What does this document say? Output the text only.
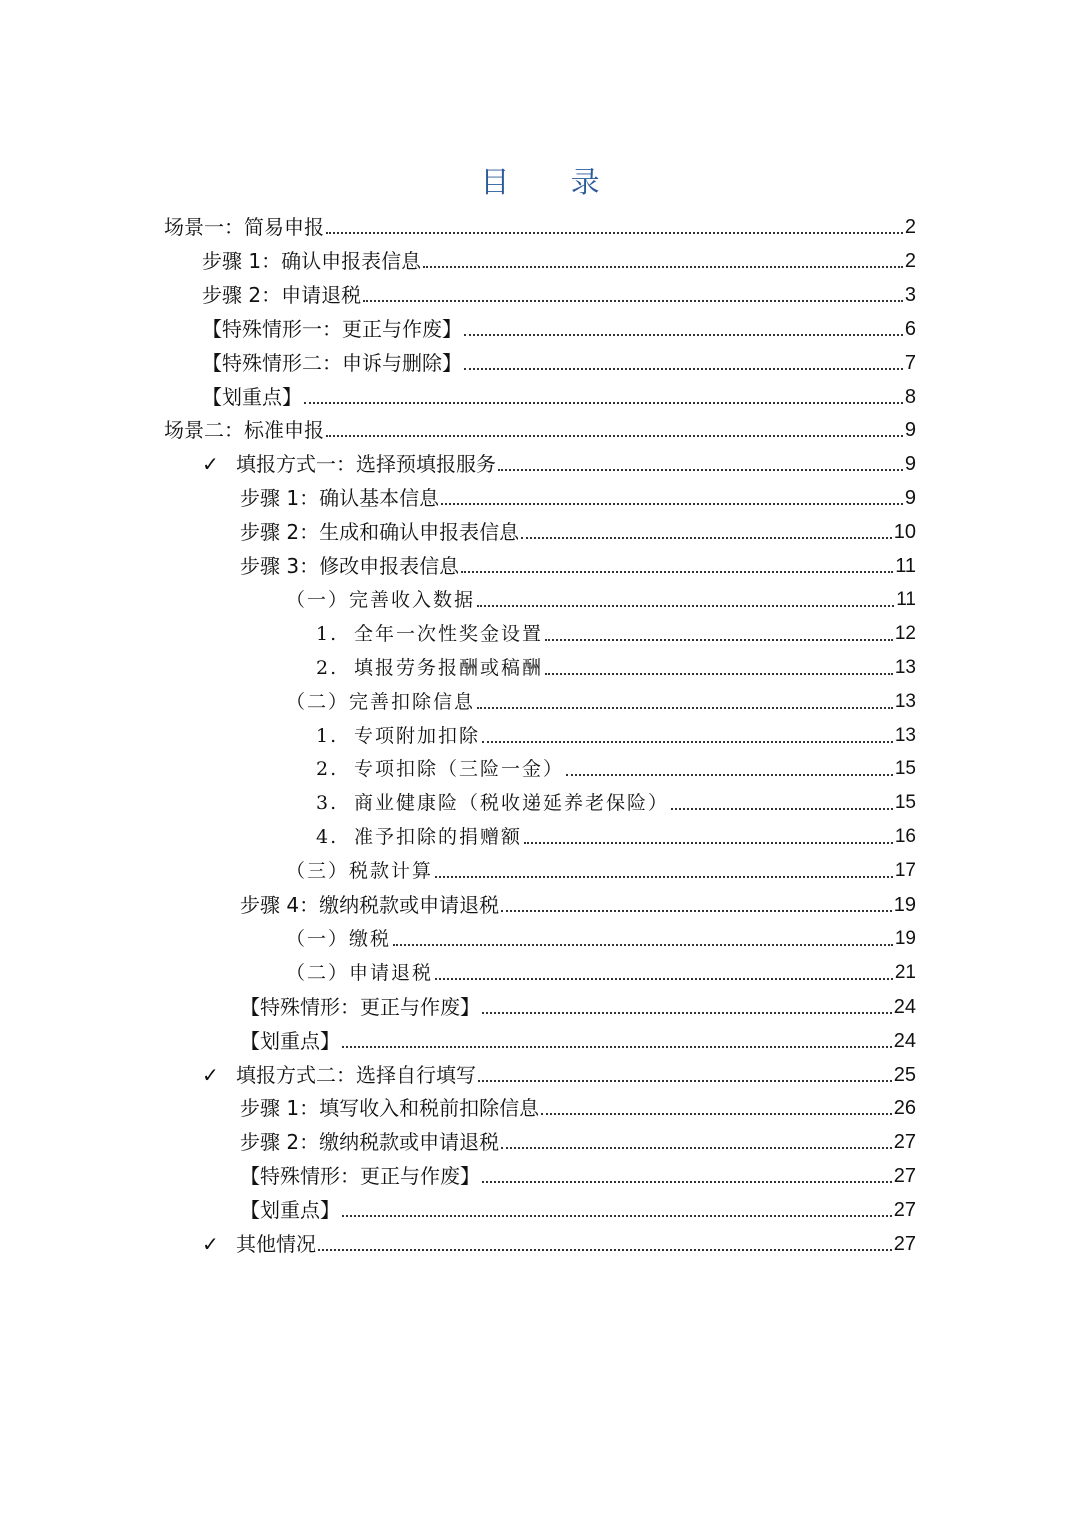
目 录
场景一：简易申报	2
步骤 1：确认申报表信息	2
步骤 2：申请退税	3
【特殊情形一：更正与作废】	6
【特殊情形二：申诉与删除】	7
【划重点】	8
场景二：标准申报	9
✓ 填报方式一：选择预填报服务	9
步骤 1：确认基本信息	9
步骤 2：生成和确认申报表信息	10
步骤 3：修改申报表信息	11
（一）完善收入数据	11
1. 全年一次性奖金设置	12
2. 填报劳务报酬或稿酬	13
（二）完善扣除信息	13
1. 专项附加扣除	13
2. 专项扣除（三险一金）	15
3. 商业健康险（税收递延养老保险）	15
4. 准予扣除的捐赠额	16
（三）税款计算	17
步骤 4：缴纳税款或申请退税	19
（一）缴税	19
（二）申请退税	21
【特殊情形：更正与作废】	24
【划重点】	24
✓ 填报方式二：选择自行填写	25
步骤 1：填写收入和税前扣除信息	26
步骤 2：缴纳税款或申请退税	27
【特殊情形：更正与作废】	27
【划重点】	27
✓ 其他情况	27
